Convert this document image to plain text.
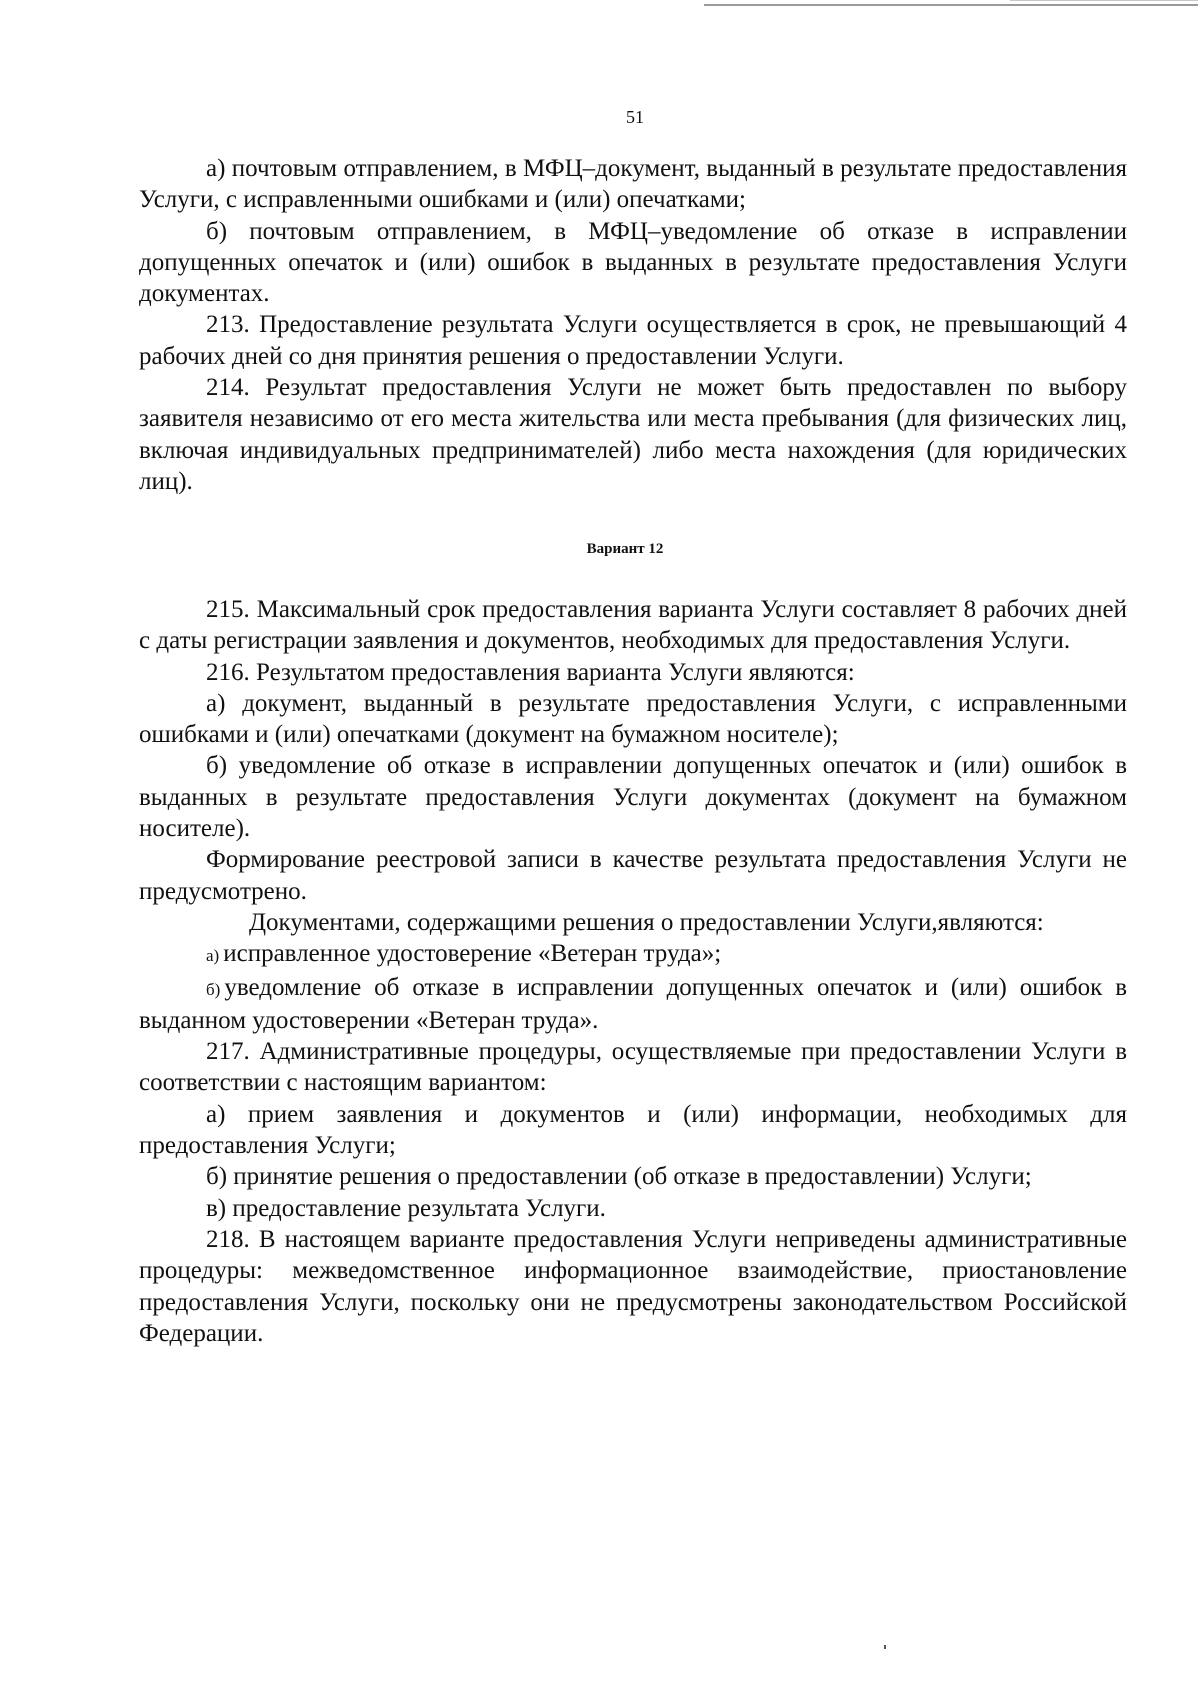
51

а) почтовым отправлением, в МФЦ–документ, выданный в результате предоставления Услуги, с исправленными ошибками и (или) опечатками;

б) почтовым отправлением, в МФЦ–уведомление об отказе в исправлении допущенных опечаток и (или) ошибок в выданных в результате предоставления Услуги документах.

213. Предоставление результата Услуги осуществляется в срок, не превышающий 4 рабочих дней со дня принятия решения о предоставлении Услуги.

214. Результат предоставления Услуги не может быть предоставлен по выбору заявителя независимо от его места жительства или места пребывания (для физических лиц, включая индивидуальных предпринимателей) либо места нахождения (для юридических лиц).

Вариант 12

215. Максимальный срок предоставления варианта Услуги составляет 8 рабочих дней с даты регистрации заявления и документов, необходимых для предоставления Услуги.

216. Результатом предоставления варианта Услуги являются:

а) документ, выданный в результате предоставления Услуги, с исправленными ошибками и (или) опечатками (документ на бумажном носителе);

б) уведомление об отказе в исправлении допущенных опечаток и (или) ошибок в выданных в результате предоставления Услуги документах (документ на бумажном носителе).

Формирование реестровой записи в качестве результата предоставления Услуги не предусмотрено.

Документами, содержащими решения о предоставлении Услуги,являются:

а) исправленное удостоверение «Ветеран труда»;

б) уведомление об отказе в исправлении допущенных опечаток и (или) ошибок в выданном удостоверении «Ветеран труда».

217. Административные процедуры, осуществляемые при предоставлении Услуги в соответствии с настоящим вариантом:

а) прием заявления и документов и (или) информации, необходимых для предоставления Услуги;

б) принятие решения о предоставлении (об отказе в предоставлении) Услуги;

в) предоставление результата Услуги.

218. В настоящем варианте предоставления Услуги неприведены административные процедуры: межведомственное информационное взаимодействие, приостановление предоставления Услуги, поскольку они не предусмотрены законодательством Российской Федерации.
